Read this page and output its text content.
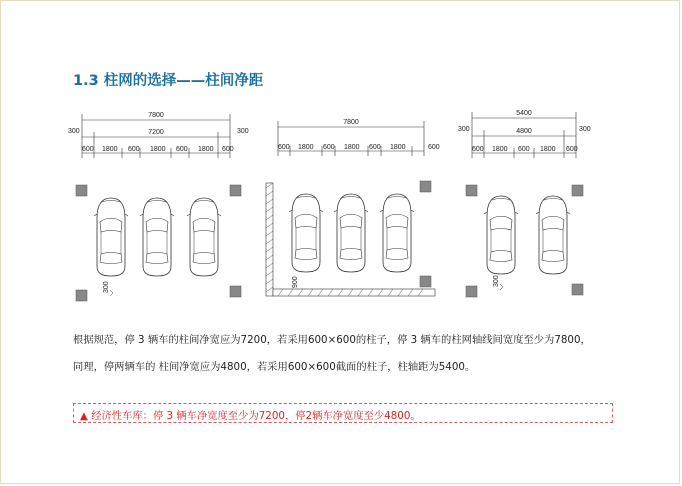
1.3 柱网的选择——柱间净距
7800
7200
300	300
600 1800 600 1800 600 1800 600
300
7800
600 1800 600 1800 600 1800	600
900
5400
4800
300	300
600 1800 600 1800 600
300
根据规范，停 3 辆车的柱间净宽应为7200，若采用600×600的柱子，停 3 辆车的柱网轴线间宽度至少为7800，
同理，停两辆车的 柱间净宽应为4800，若采用600×600截面的柱子，柱轴距为5400。
▲ 经济性车库：停 3 辆车净宽度至少为7200，停2辆车净宽度至少4800。
